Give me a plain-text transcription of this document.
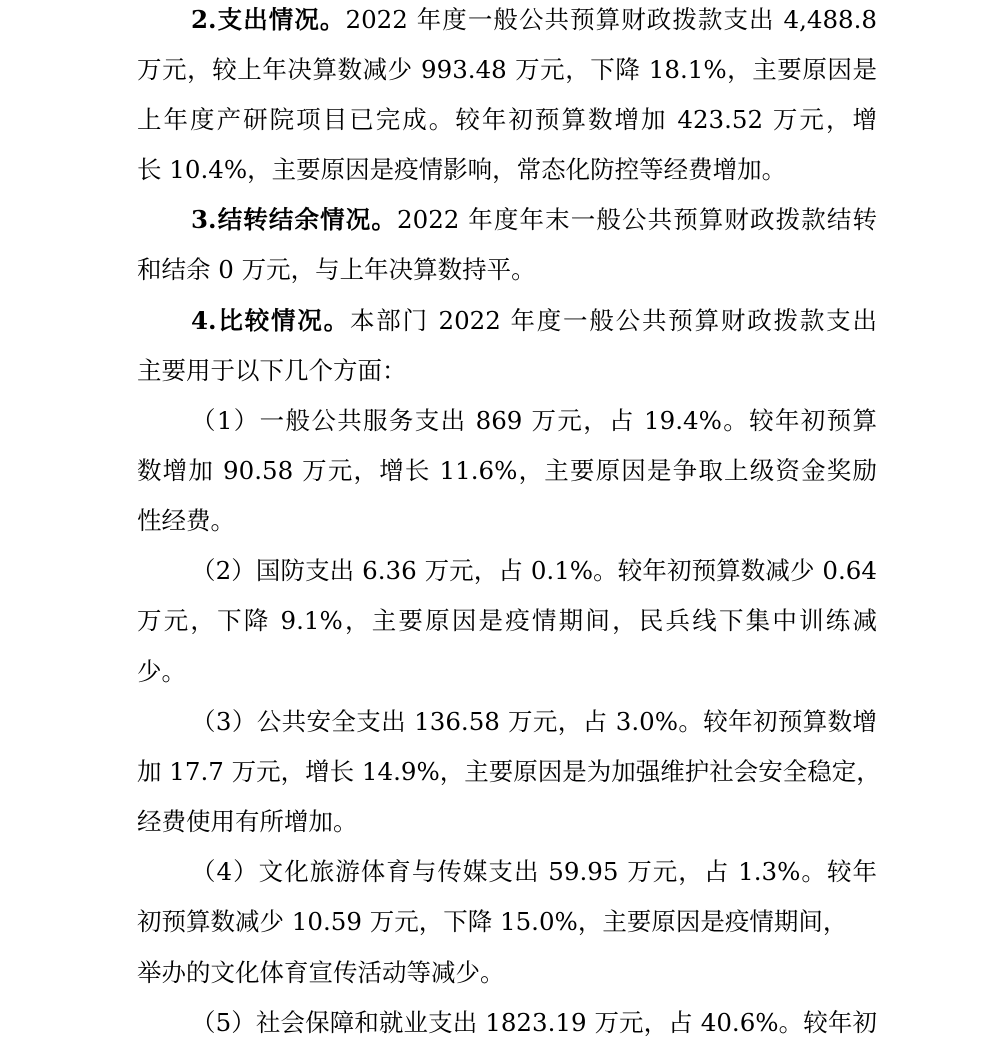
2.支出情况。2022 年度一般公共预算财政拨款支出 4,488.8
万元，较上年决算数减少 993.48 万元，下降 18.1%，主要原因是
上年度产研院项目已完成。较年初预算数增加 423.52 万元，增
长 10.4%，主要原因是疫情影响，常态化防控等经费增加。
3.结转结余情况。2022 年度年末一般公共预算财政拨款结转
和结余 0 万元，与上年决算数持平。
4.比较情况。本部门 2022 年度一般公共预算财政拨款支出
主要用于以下几个方面：
（1）一般公共服务支出 869 万元，占 19.4%。较年初预算
数增加 90.58 万元，增长 11.6%，主要原因是争取上级资金奖励
性经费。
（2）国防支出 6.36 万元，占 0.1%。较年初预算数减少 0.64
万元，下降 9.1%，主要原因是疫情期间，民兵线下集中训练减
少。
（3）公共安全支出 136.58 万元，占 3.0%。较年初预算数增
加 17.7 万元，增长 14.9%，主要原因是为加强维护社会安全稳定，
经费使用有所增加。
（4）文化旅游体育与传媒支出 59.95 万元，占 1.3%。较年
初预算数减少 10.59 万元，下降 15.0%，主要原因是疫情期间，
举办的文化体育宣传活动等减少。
（5）社会保障和就业支出 1823.19 万元，占 40.6%。较年初
